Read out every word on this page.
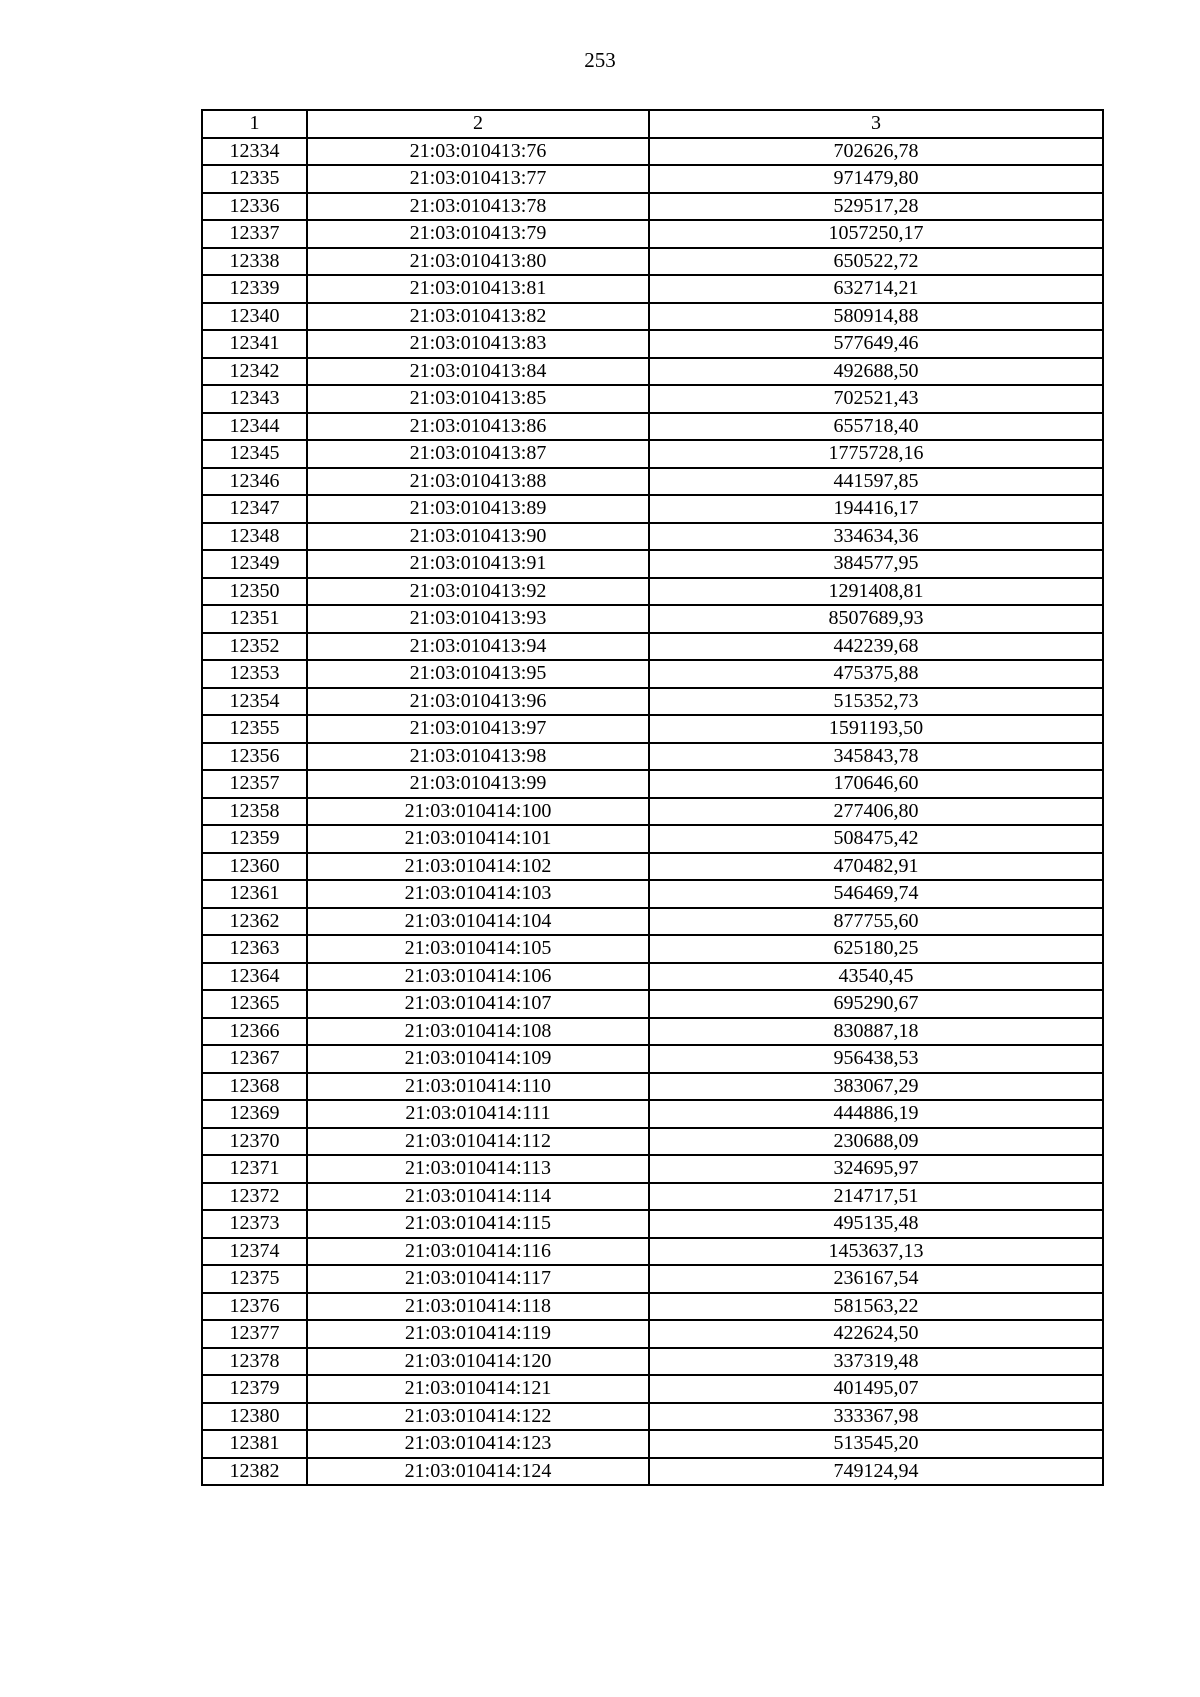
253
1	2	3
12334	21:03:010413:76	702626,78
12335	21:03:010413:77	971479,80
12336	21:03:010413:78	529517,28
12337	21:03:010413:79	1057250,17
12338	21:03:010413:80	650522,72
12339	21:03:010413:81	632714,21
12340	21:03:010413:82	580914,88
12341	21:03:010413:83	577649,46
12342	21:03:010413:84	492688,50
12343	21:03:010413:85	702521,43
12344	21:03:010413:86	655718,40
12345	21:03:010413:87	1775728,16
12346	21:03:010413:88	441597,85
12347	21:03:010413:89	194416,17
12348	21:03:010413:90	334634,36
12349	21:03:010413:91	384577,95
12350	21:03:010413:92	1291408,81
12351	21:03:010413:93	8507689,93
12352	21:03:010413:94	442239,68
12353	21:03:010413:95	475375,88
12354	21:03:010413:96	515352,73
12355	21:03:010413:97	1591193,50
12356	21:03:010413:98	345843,78
12357	21:03:010413:99	170646,60
12358	21:03:010414:100	277406,80
12359	21:03:010414:101	508475,42
12360	21:03:010414:102	470482,91
12361	21:03:010414:103	546469,74
12362	21:03:010414:104	877755,60
12363	21:03:010414:105	625180,25
12364	21:03:010414:106	43540,45
12365	21:03:010414:107	695290,67
12366	21:03:010414:108	830887,18
12367	21:03:010414:109	956438,53
12368	21:03:010414:110	383067,29
12369	21:03:010414:111	444886,19
12370	21:03:010414:112	230688,09
12371	21:03:010414:113	324695,97
12372	21:03:010414:114	214717,51
12373	21:03:010414:115	495135,48
12374	21:03:010414:116	1453637,13
12375	21:03:010414:117	236167,54
12376	21:03:010414:118	581563,22
12377	21:03:010414:119	422624,50
12378	21:03:010414:120	337319,48
12379	21:03:010414:121	401495,07
12380	21:03:010414:122	333367,98
12381	21:03:010414:123	513545,20
12382	21:03:010414:124	749124,94
